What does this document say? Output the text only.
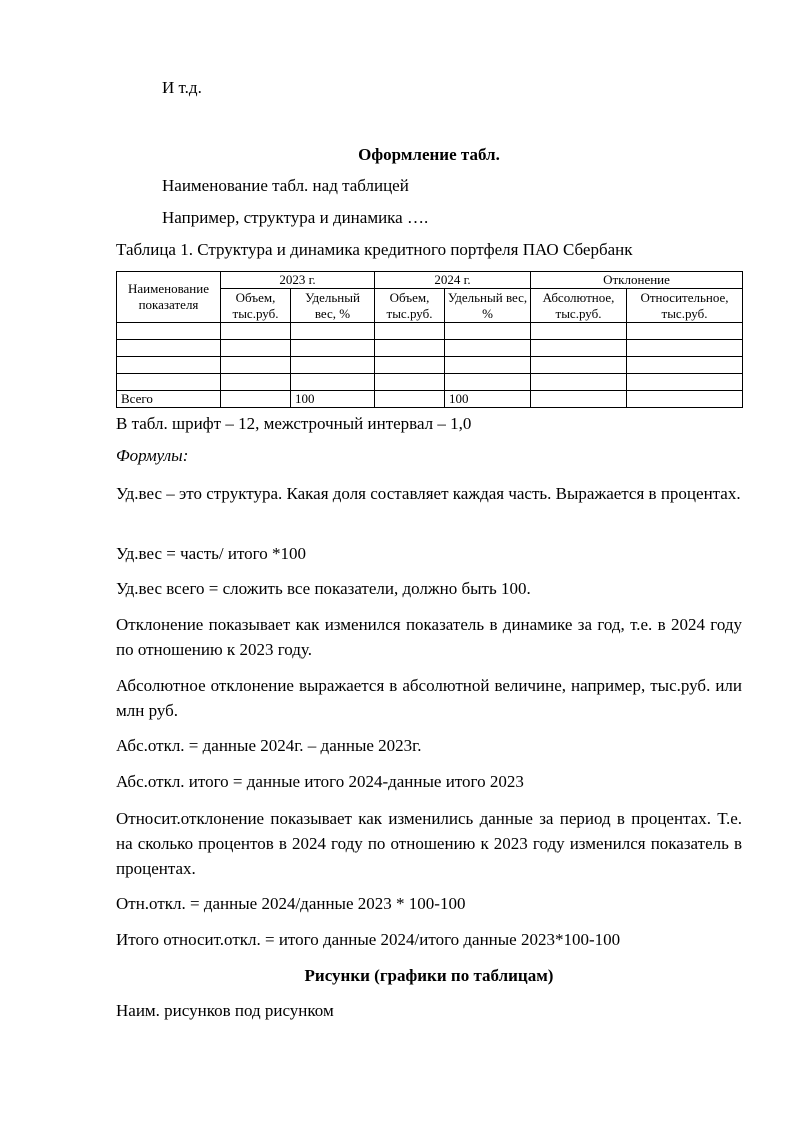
И т.д.
Оформление табл.
Наименование табл. над таблицей
Например, структура и динамика ….
Таблица 1. Структура и динамика кредитного портфеля ПАО Сбербанк
Наименование показателя	2023 г.		2024 г.		Отклонение	
	Объем, тыс.руб.	Удельный вес, %	Объем, тыс.руб.	Удельный вес, %	Абсолютное, тыс.руб.	Относительное, тыс.руб.

Всего		100		100		
В табл. шрифт – 12, межстрочный интервал – 1,0
Формулы:
Уд.вес – это структура. Какая доля составляет каждая часть. Выражается в процентах.
Уд.вес = часть/ итого *100
Уд.вес всего = сложить все показатели, должно быть 100.
Отклонение показывает как изменился показатель в динамике за год, т.е. в 2024 году по отношению к 2023 году.
Абсолютное отклонение выражается в абсолютной величине, например, тыс.руб. или млн руб.
Абс.откл. = данные 2024г. – данные 2023г.
Абс.откл. итого = данные итого 2024-данные итого 2023
Относит.отклонение показывает как изменились данные за период в процентах. Т.е. на сколько процентов в 2024 году по отношению к 2023 году изменился показатель в процентах.
Отн.откл. = данные 2024/данные 2023 * 100-100
Итого относит.откл. = итого данные 2024/итого данные 2023*100-100
Рисунки (графики по таблицам)
Наим. рисунков под рисунком
